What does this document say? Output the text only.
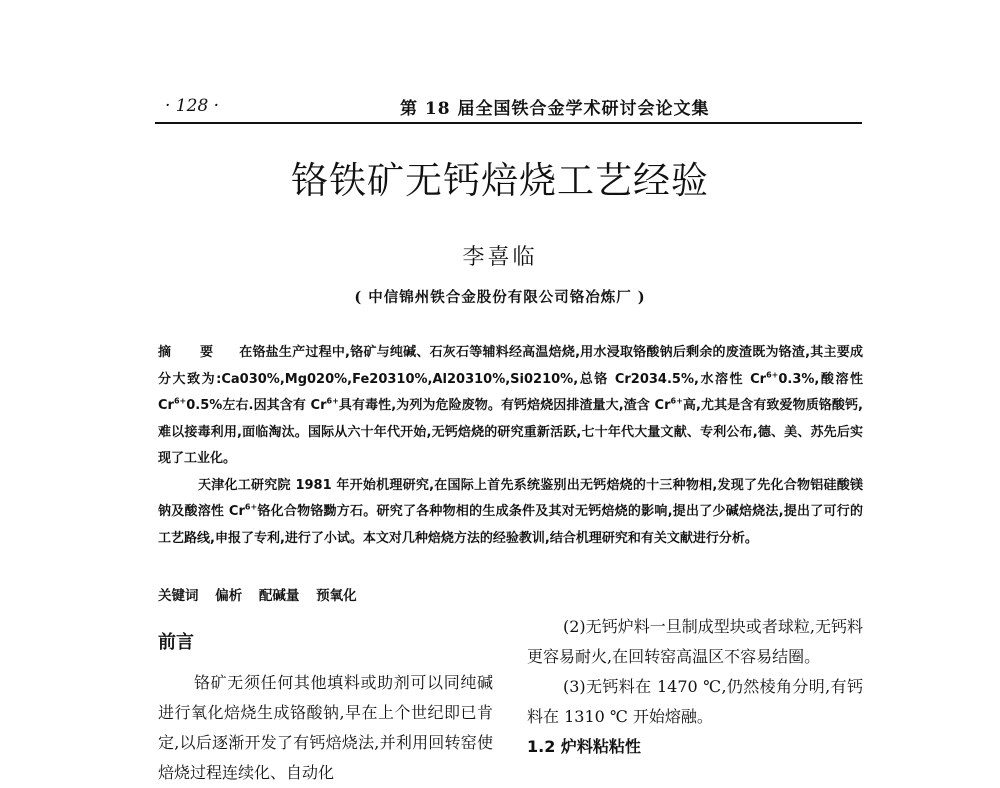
· 128 ·	第 18 届全国铁合金学术研讨会论文集
铬铁矿无钙焙烧工艺经验
李喜临
( 中信锦州铁合金股份有限公司铬冶炼厂 )

摘 要 在铬盐生产过程中,铬矿与纯碱、石灰石等辅料经高温焙烧,用水浸取铬酸钠后剩余的废渣既为铬渣,其主要成分大致为:Ca030%,Mg020%,Fe20310%,Al20310%,Si0210%,总铬 Cr2034.5%,水溶性 $Cr^{6+}0.3\%$,酸溶性 $Cr^{6+}0.5\%$左右.因其含有 $Cr^{6+}$具有毒性,为列为危险废物。有钙焙烧因排渣量大,渣含 $Cr^{6+}$高,尤其是含有致爱物质铬酸钙,难以接毒利用,面临淘汰。国际从六十年代开始,无钙焙烧的研究重新活跃,七十年代大量文献、专利公布,德、美、苏先后实现了工业化。

天津化工研究院 1981 年开始机理研究,在国际上首先系统鉴别出无钙焙烧的十三种物相,发现了先化合物铝硅酸镁钠及酸溶性 $Cr^{6+}$铬化合物铬黝方石。研究了各种物相的生成条件及其对无钙焙烧的影响,提出了少碱焙烧法,提出了可行的工艺路线,申报了专利,进行了小试。本文对几种焙烧方法的经验教训,结合机理研究和有关文献进行分析。

关键词 偏析 配碱量 预氧化
前言

铬矿无须任何其他填料或助剂可以同纯碱进行氧化焙烧生成铬酸钠,早在上个世纪即已肯定,以后逐渐开发了有钙焙烧法,并利用回转窑使焙烧过程连续化、自动化

(2)无钙炉料一旦制成型块或者球粒,无钙料更容易耐火,在回转窑高温区不容易结圈。

(3)无钙料在 1470 ℃,仍然棱角分明,有钙料在 1310 ℃ 开始熔融。

1.2 炉料粘粘性
